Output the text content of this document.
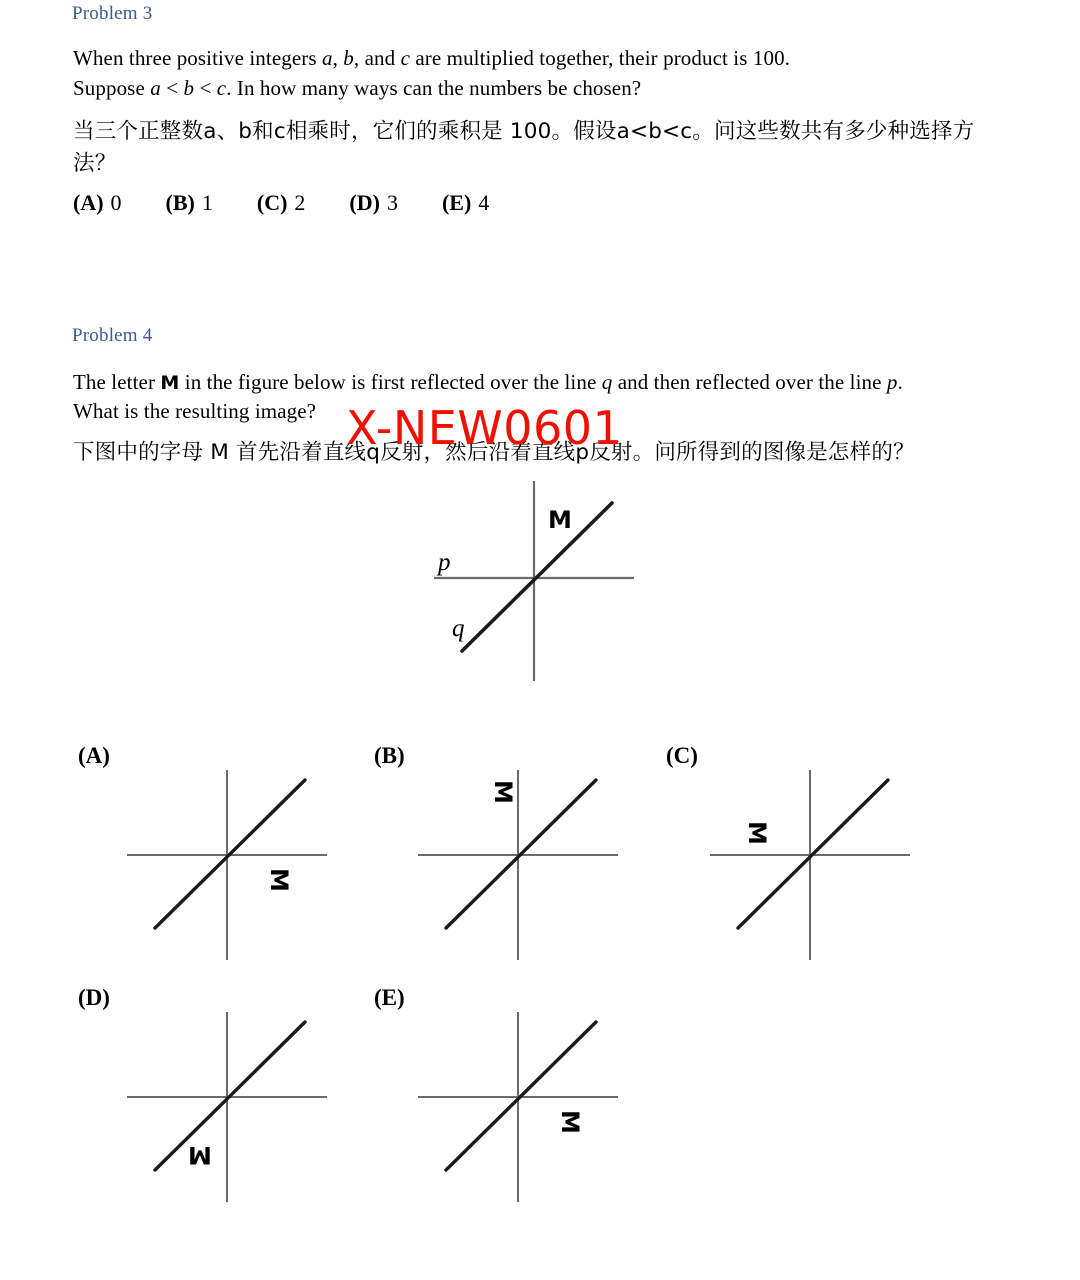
Problem 3
When three positive integers a, b, and c are multiplied together, their product is 100.
Suppose a < b < c. In how many ways can the numbers be chosen?
当三个正整数a、b和c相乘时，它们的乘积是 100。假设a<b<c。问这些数共有多少种选择方
法？
(A) 0 (B) 1 (C) 2 (D) 3 (E) 4
Problem 4
The letter M in the figure below is first reflected over the line q and then reflected over the line p.
What is the resulting image?
下图中的字母 M 首先沿着直线q反射，然后沿着直线p反射。问所得到的图像是怎样的？
X-NEW0601
p
q
M
(A)
M
(B)
M
(C)
M
(D)
M
(E)
M
